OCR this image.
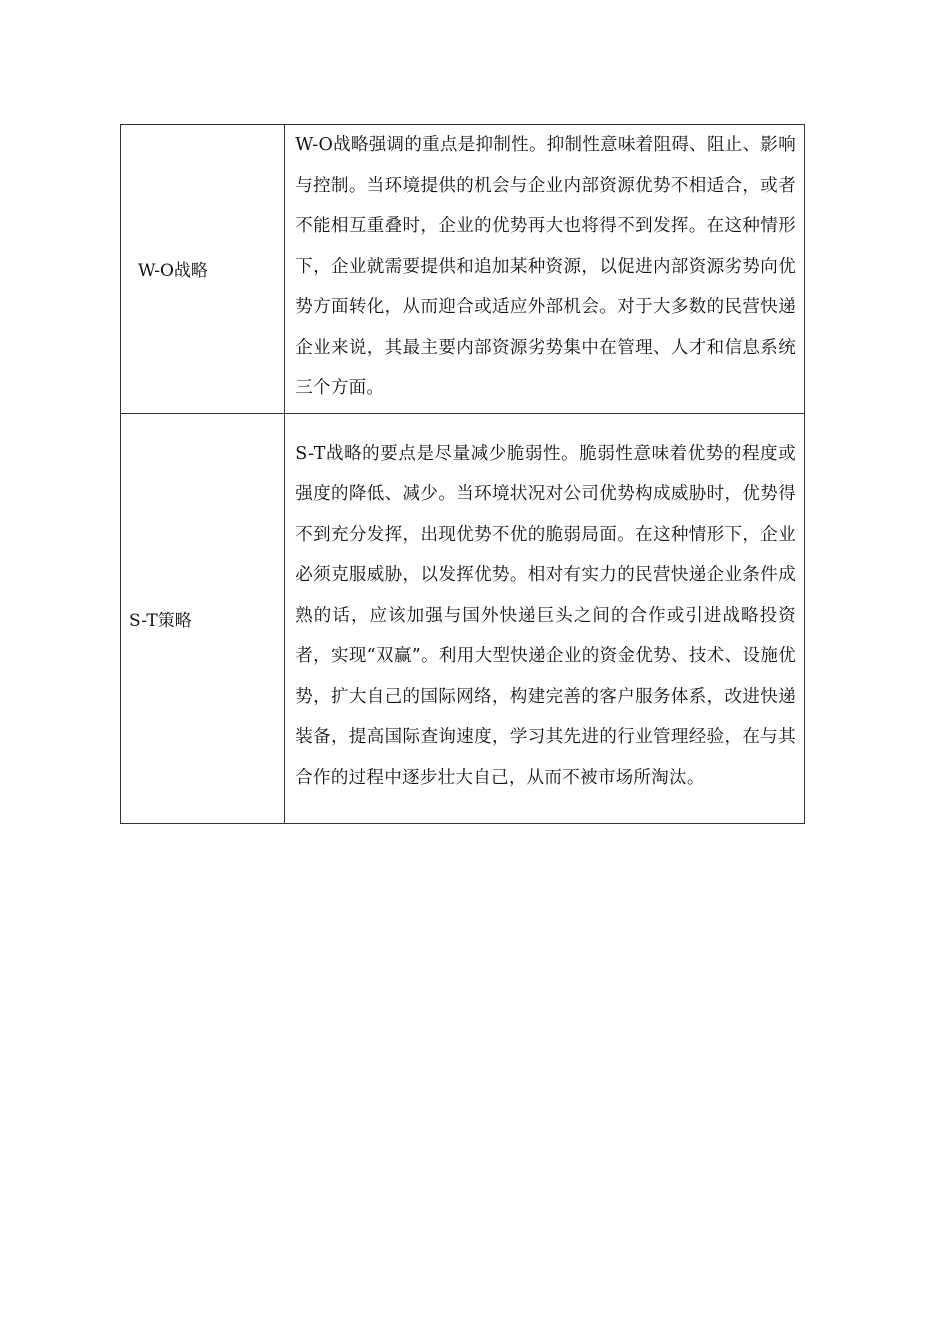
W-O战略	W-O战略强调的重点是抑制性。抑制性意味着阻碍、阻止、影响与控制。当环境提供的机会与企业内部资源优势不相适合，或者不能相互重叠时，企业的优势再大也将得不到发挥。在这种情形下，企业就需要提供和追加某种资源，以促进内部资源劣势向优势方面转化，从而迎合或适应外部机会。对于大多数的民营快递企业来说，其最主要内部资源劣势集中在管理、人才和信息系统三个方面。
S-T策略	S-T战略的要点是尽量减少脆弱性。脆弱性意味着优势的程度或强度的降低、减少。当环境状况对公司优势构成威胁时，优势得不到充分发挥，出现优势不优的脆弱局面。在这种情形下，企业必须克服威胁，以发挥优势。相对有实力的民营快递企业条件成熟的话，应该加强与国外快递巨头之间的合作或引进战略投资者，实现“双赢”。利用大型快递企业的资金优势、技术、设施优势，扩大自己的国际网络，构建完善的客户服务体系，改进快递装备，提高国际查询速度，学习其先进的行业管理经验，在与其合作的过程中逐步壮大自己，从而不被市场所淘汰。
